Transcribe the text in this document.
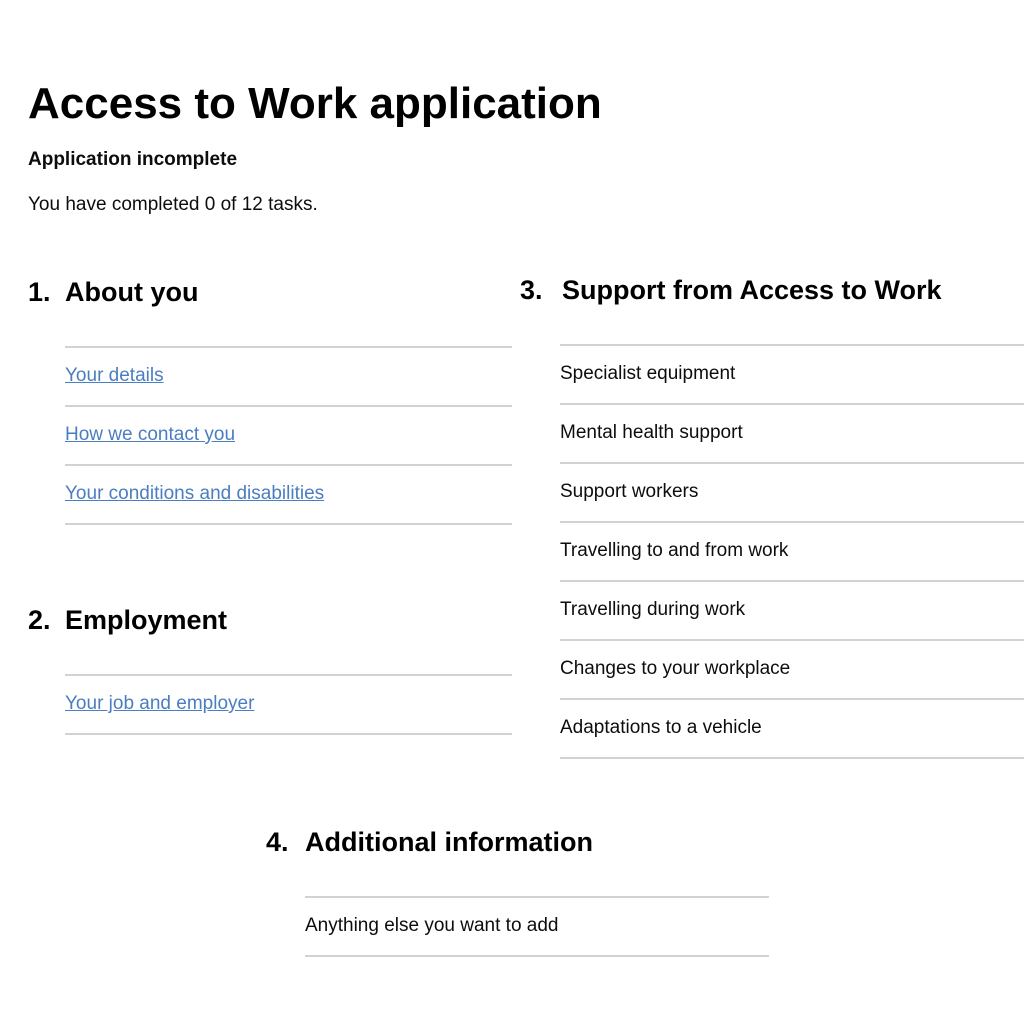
Access to Work application
Application incomplete
You have completed 0 of 12 tasks.
1. About you
Your details
How we contact you
Your conditions and disabilities
2. Employment
Your job and employer
3. Support from Access to Work
Specialist equipment
Mental health support
Support workers
Travelling to and from work
Travelling during work
Changes to your workplace
Adaptations to a vehicle
4. Additional information
Anything else you want to add
